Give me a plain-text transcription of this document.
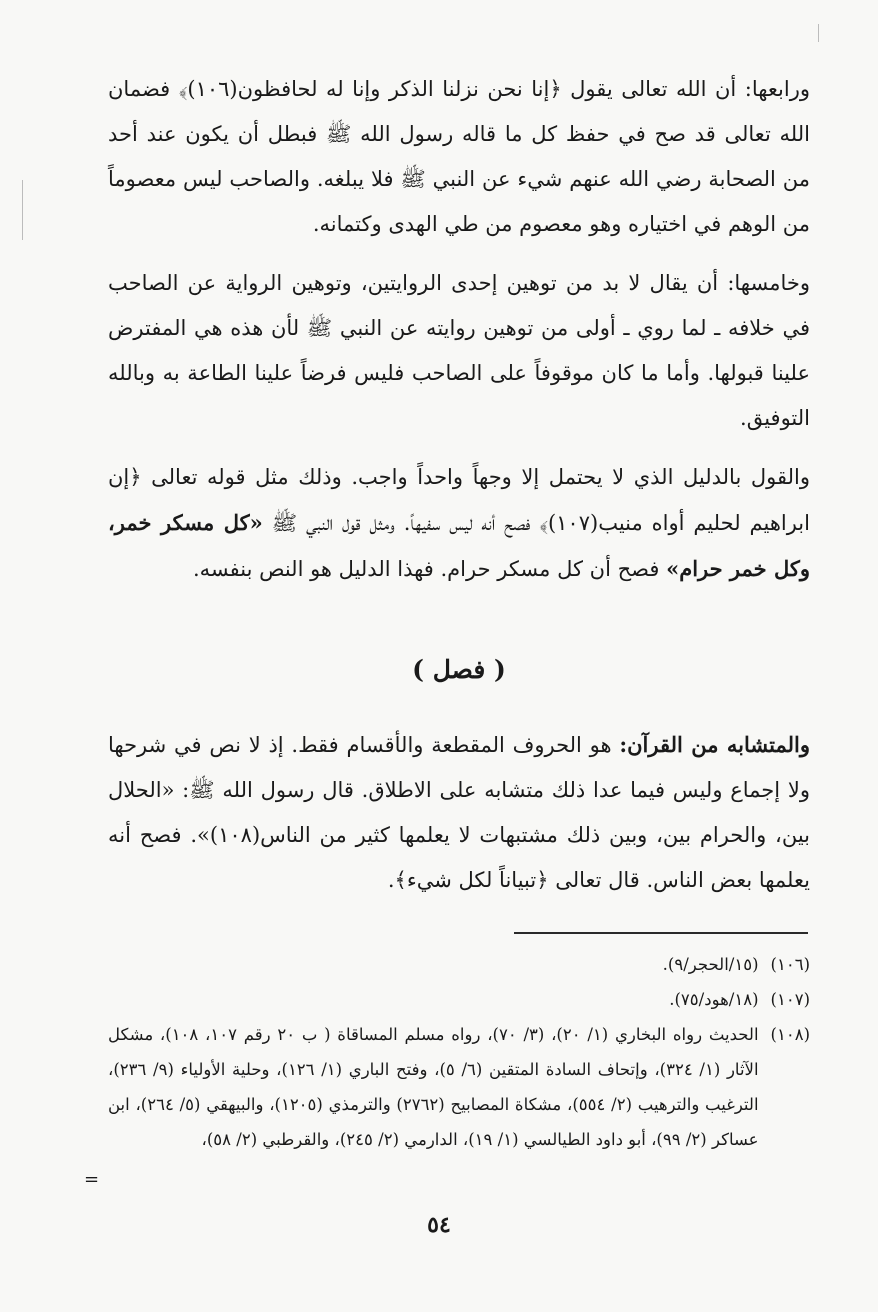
ورابعها: أن الله تعالى يقول ﴿إنا نحن نزلنا الذكر وإنا له لحافظون(١٠٦)﴾ فضمان الله تعالى قد صح في حفظ كل ما قاله رسول الله ﷺ فبطل أن يكون عند أحد من الصحابة رضي الله عنهم شيء عن النبي ﷺ فلا يبلغه. والصاحب ليس معصوماً من الوهم في اختياره وهو معصوم من طي الهدى وكتمانه.

وخامسها: أن يقال لا بد من توهين إحدى الروايتين، وتوهين الرواية عن الصاحب في خلافه ـ لما روي ـ أولى من توهين روايته عن النبي ﷺ لأن هذه هي المفترض علينا قبولها. وأما ما كان موقوفاً على الصاحب فليس فرضاً علينا الطاعة به وبالله التوفيق.

والقول بالدليل الذي لا يحتمل إلا وجهاً واحداً واجب. وذلك مثل قوله تعالى ﴿إن ابراهيم لحليم أواه منيب(١٠٧)﴾ فصح أنه ليس سفيهاً. ومثل قول النبي ﷺ «كل مسكر خمر، وكل خمر حرام» فصح أن كل مسكر حرام. فهذا الدليل هو النص بنفسه.

( فصل )

والمتشابه من القرآن: هو الحروف المقطعة والأقسام فقط. إذ لا نص في شرحها ولا إجماع وليس فيما عدا ذلك متشابه على الاطلاق. قال رسول الله ﷺ: «الحلال بين، والحرام بين، وبين ذلك مشتبهات لا يعلمها كثير من الناس(١٠٨)». فصح أنه يعلمها بعض الناس. قال تعالى ﴿تبياناً لكل شيء﴾.

(١٠٦)
(١٥/الحجر/٩).
(١٠٧)
(١٨/هود/٧٥).
(١٠٨)
الحديث رواه البخاري (١/ ٢٠)، (٣/ ٧٠)، رواه مسلم المساقاة ( ب ٢٠ رقم ١٠٧، ١٠٨)، مشكل الآثار (١/ ٣٢٤)، وإتحاف السادة المتقين (٦/ ٥)، وفتح الباري (١/ ١٢٦)، وحلية الأولياء (٩/ ٢٣٦)، الترغيب والترهيب (٢/ ٥٥٤)، مشكاة المصابيح (٢٧٦٢) والترمذي (١٢٠٥)، والبيهقي (٥/ ٢٦٤)، ابن عساكر (٢/ ٩٩)، أبو داود الطيالسي (١/ ١٩)، الدارمي (٢/ ٢٤٥)، والقرطبي (٢/ ٥٨)،
=
٥٤
